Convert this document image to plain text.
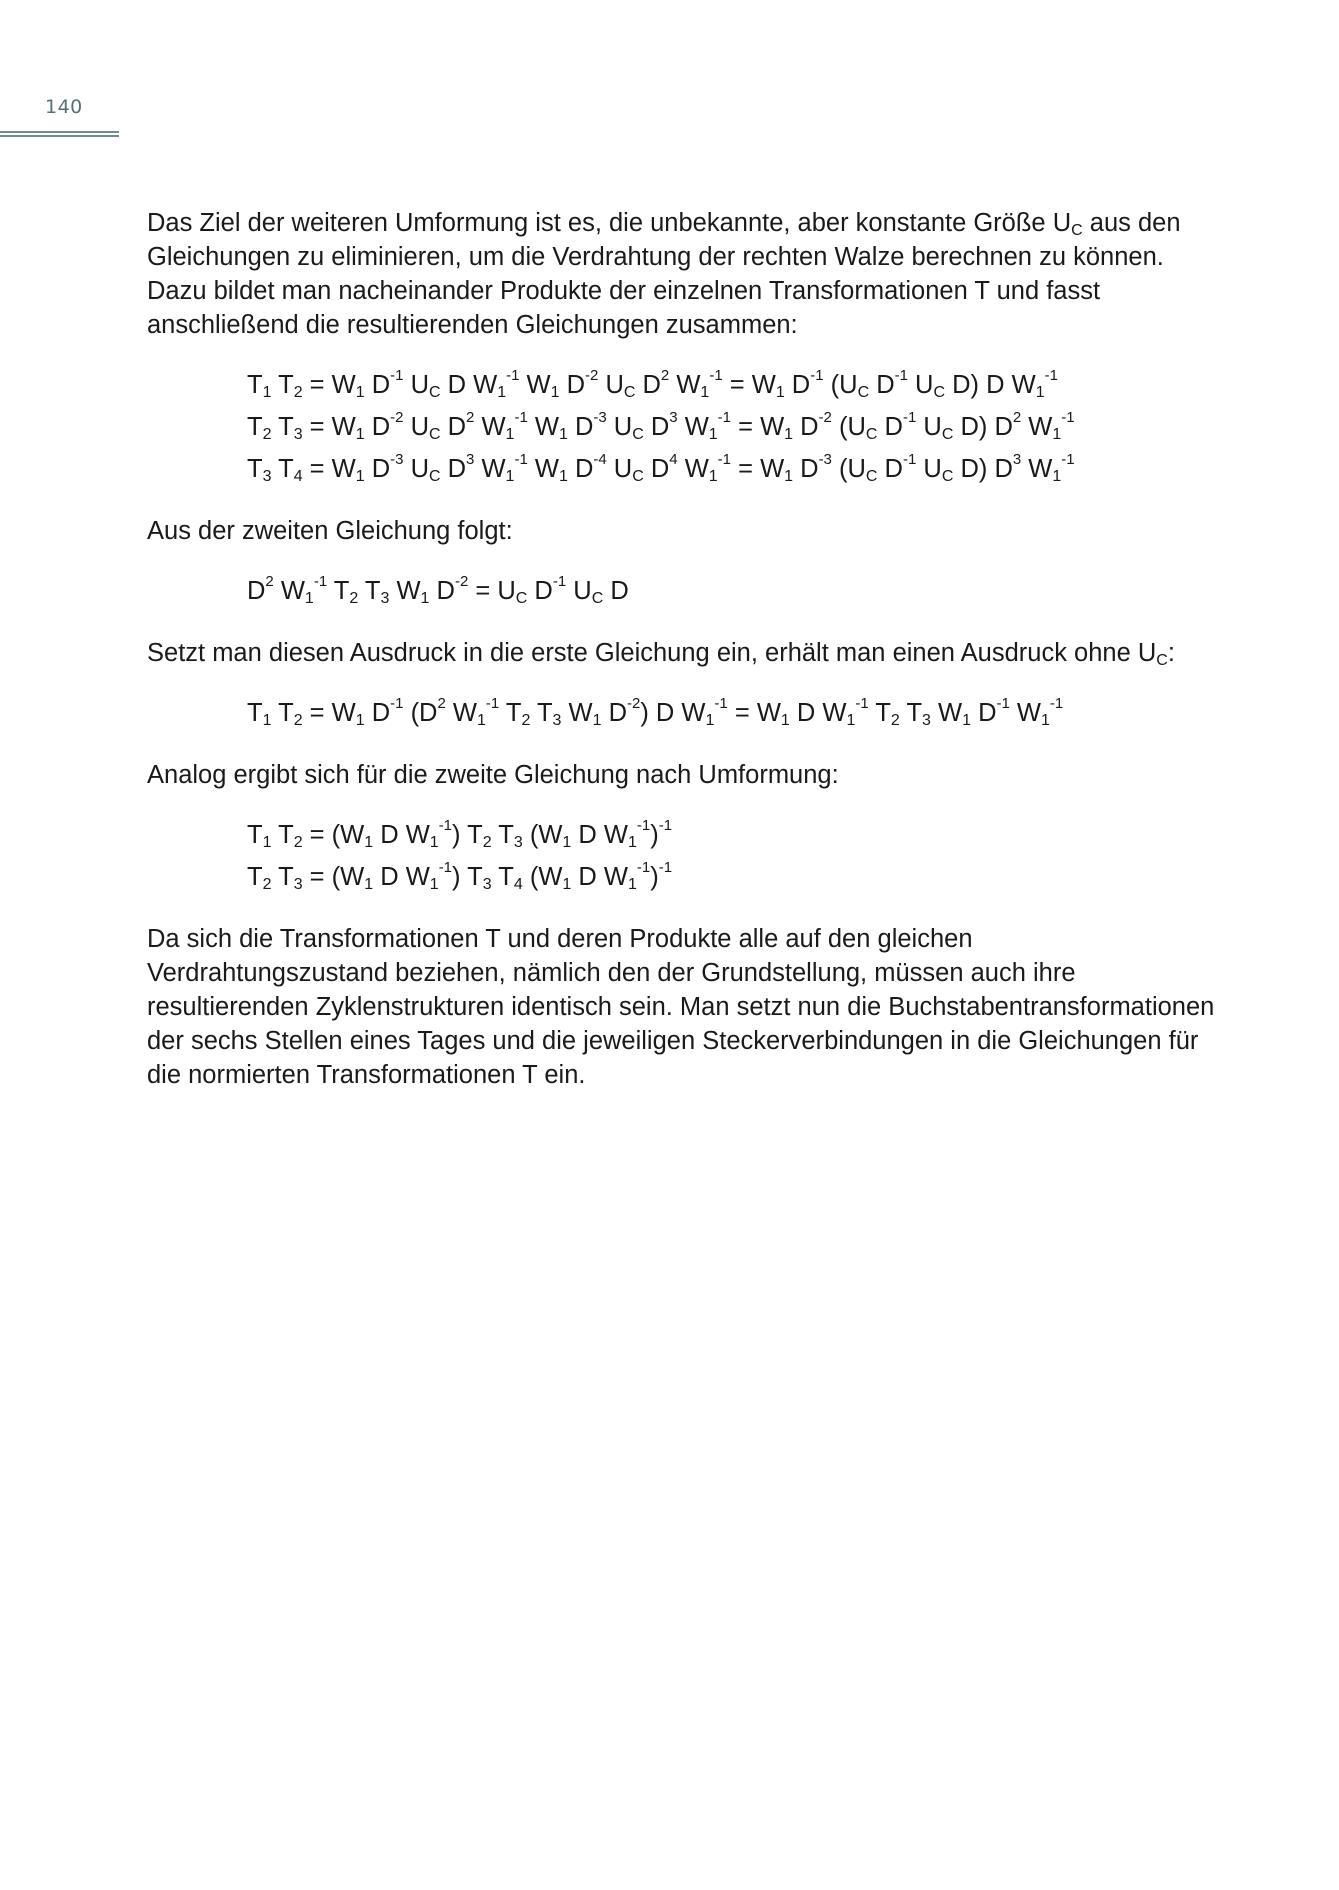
140

Das Ziel der weiteren Umformung ist es, die unbekannte, aber konstante Größe $U_C$ aus den Gleichungen zu eliminieren, um die Verdrahtung der rechten Walze berechnen zu können. Dazu bildet man nacheinander Produkte der einzelnen Transformationen T und fasst anschließend die resultierenden Gleichungen zusammen:

$T_1$ $T_2 = W_1$ $D^{-1}$ $U_C$ D $W_1^{-1}$ $W_1$ $D^{-2}$ $U_C$ $D^2$ $W_1^{-1} = W_1$ $D^{-1}$ ($U_C$ $D^{-1}$ $U_C$ D) D $W_1^{-1}$
$T_2$ $T_3 = W_1$ $D^{-2}$ $U_C$ $D^2$ $W_1^{-1}$ $W_1$ $D^{-3}$ $U_C$ $D^3$ $W_1^{-1} = W_1$ $D^{-2}$ ($U_C$ $D^{-1}$ $U_C$ D) $D^2$ $W_1^{-1}$
$T_3$ $T_4 = W_1$ $D^{-3}$ $U_C$ $D^3$ $W_1^{-1}$ $W_1$ $D^{-4}$ $U_C$ $D^4$ $W_1^{-1} = W_1$ $D^{-3}$ ($U_C$ $D^{-1}$ $U_C$ D) $D^3$ $W_1^{-1}$

Aus der zweiten Gleichung folgt:

$D^2$ $W_1^{-1}$ $T_2$ $T_3$ $W_1$ $D^{-2} = U_C$ $D^{-1}$ $U_C$ D

Setzt man diesen Ausdruck in die erste Gleichung ein, erhält man einen Ausdruck ohne $U_C$:

$T_1$ $T_2 = W_1$ $D^{-1}$ ($D^2$ $W_1^{-1}$ $T_2$ $T_3$ $W_1$ $D^{-2}$) D $W_1^{-1} = W_1$ D $W_1^{-1}$ $T_2$ $T_3$ $W_1$ $D^{-1}$ $W_1^{-1}$

Analog ergibt sich für die zweite Gleichung nach Umformung:

$T_1$ $T_2 = (W_1$ D $W_1^{-1}$) $T_2$ $T_3$ ($W_1$ D $W_1^{-1})^{-1}$
$T_2$ $T_3 = (W_1$ D $W_1^{-1}$) $T_3$ $T_4$ ($W_1$ D $W_1^{-1})^{-1}$

Da sich die Transformationen T und deren Produkte alle auf den gleichen Verdrahtungszustand beziehen, nämlich den der Grundstellung, müssen auch ihre resultierenden Zyklenstrukturen identisch sein. Man setzt nun die Buchstabentransformationen der sechs Stellen eines Tages und die jeweiligen Steckerverbindungen in die Gleichungen für die normierten Transformationen T ein.
